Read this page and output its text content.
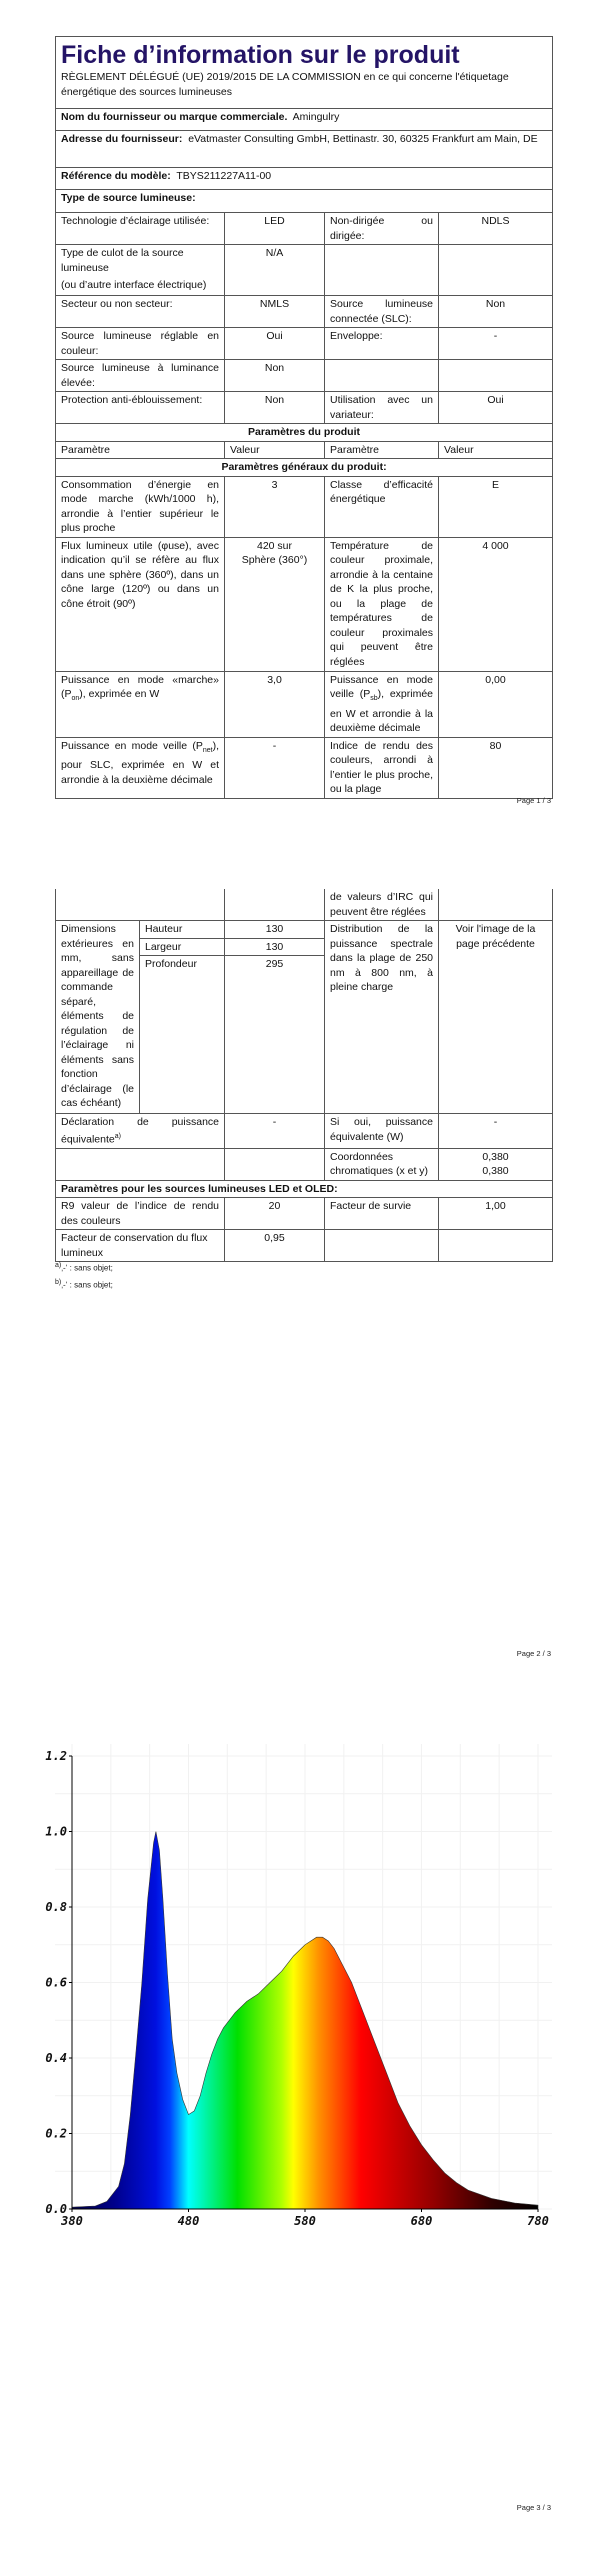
Fiche d’information sur le produit
RÈGLEMENT DÉLÉGUÉ (UE) 2019/2015 DE LA COMMISSION en ce qui concerne l'étiquetage énergétique des sources lumineuses			

Nom du fournisseur ou marque commerciale. Amingulry			
Adresse du fournisseur: eVatmaster Consulting GmbH, Bettinastr. 30, 60325 Frankfurt am Main, DE			
Référence du modèle: TBYS211227A11-00			
Type de source lumineuse:			
Technologie d’éclairage utilisée:	LED	Non-dirigée ou dirigée:	NDLS

Type de culot de la source lumineuse
(ou d’autre interface électrique)	N/A		
Secteur ou non secteur:	NMLS	Source lumineuse connectée (SLC):	Non
Source lumineuse réglable en couleur:	Oui	Enveloppe:	-
Source lumineuse à luminance élevée:	Non		
Protection anti-éblouissement:	Non	Utilisation avec un variateur:	Oui
Paramètres du produit			
Paramètre	Valeur	Paramètre	Valeur
Paramètres généraux du produit:			
Consommation d’énergie en mode marche (kWh/1000 h), arrondie à l’entier supérieur le plus proche	3	Classe d’efficacité énergétique	E
Flux lumineux utile (φuse), avec indication qu’il se réfère au flux dans une sphère (360º), dans un cône large (120º) ou dans un cône étroit (90º)	420 sur Sphère (360°)	Température de couleur proximale, arrondie à la centaine de K la plus proche, ou la plage de températures de couleur proximales qui peuvent être réglées	4 000
Puissance en mode «marche» $(P_{on})$, exprimée en W	3,0	Puissance en mode veille $(P_{sb})$, exprimée en W et arrondie à la deuxième décimale	0,00
Puissance en mode veille $(P_{net})$, pour SLC, exprimée en W et arrondie à la deuxième décimale	-	Indice de rendu des couleurs, arrondi à l’entier le plus proche, ou la plage	80
Page 1 / 3
			de valeurs d’IRC qui peuvent être réglées	
Dimensions extérieures en mm, sans appareillage de commande séparé, éléments de régulation de l’éclairage ni éléments sans fonction d’éclairage (le cas échéant)	Hauteur	130	Distribution de la puissance spectrale dans la plage de 250 nm à 800 nm, à pleine charge	Voir l'image de la page précédente
	Largeur	130		
	Profondeur	295		
Déclaration de puissance équivalente$^{a)}$		-	Si oui, puissance équivalente (W)	-
			Coordonnées chromatiques (x et y)	0,380
0,380

Paramètres pour les sources lumineuses LED et OLED:				
R9 valeur de l’indice de rendu des couleurs		20	Facteur de survie	1,00
Facteur de conservation du flux lumineux		0,95		
$^{a)}$‚-‘ : sans objet;
$^{b)}$‚-‘ : sans objet;
Page 2 / 3
0.0
0.2
0.4
0.6
0.8
1.0
1.2
380	480	580	680	780
Page 3 / 3
